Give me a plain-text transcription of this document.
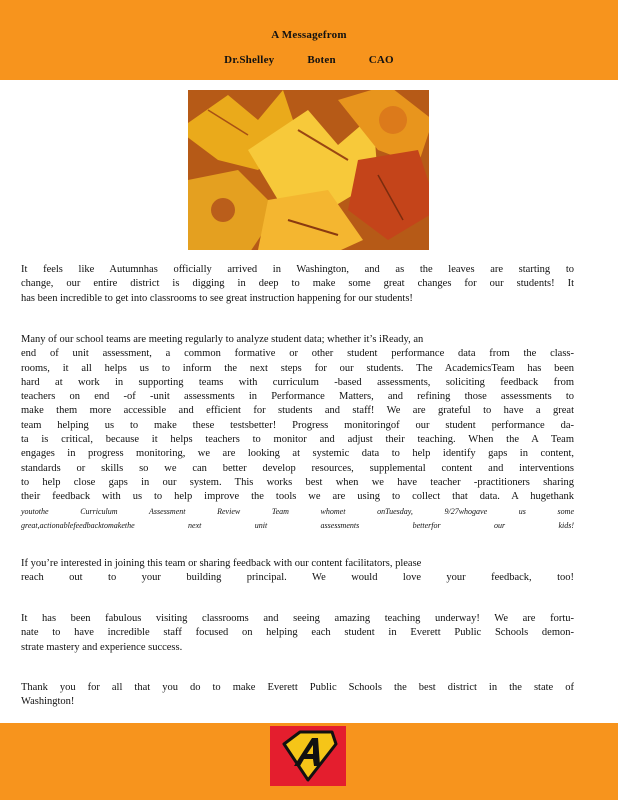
A Messagefrom
Dr.Shelley	Boten	CAO
It feels like Autumnhas officially arrived in Washington, and as the leaves are starting to
change, our entire district is digging in deep to make some great changes for our students! It
has been incredible to get into classrooms to see great instruction happening for our students!
Many of our school teams are meeting regularly to analyze student data; whether it’s iReady, an
end of unit assessment, a common formative or other student performance data from the class-
rooms, it all helps us to inform the next steps for our students. The AcademicsTeam has been
hard at work in supporting teams with curriculum -based assessments, soliciting feedback from
teachers on end -of -unit assessments in Performance Matters, and refining those assessments to
make them more accessible and efficient for students and staff! We are grateful to have a great
team helping us to make these testsbetter! Progress monitoringof our student performance da-
ta is critical, because it helps teachers to monitor and adjust their teaching. When the A Team
engages in progress monitoring, we are looking at systemic data to help identify gaps in content,
standards or skills so we can better develop resources, supplemental content and interventions
to help close gaps in our system. This works best when we have teacher -practitioners sharing
their feedback with us to help improve the tools we are using to collect that data. A hugethank
youtothe Curriculum Assessment Review Team whomet onTuesday, 9/27whogave us some
great,actionablefeedbacktomakethe next unit assessments betterfor our kids!
If you’re interested in joining this team or sharing feedback with our content facilitators, please
reach out to your building principal. We would love your feedback, too!
It has been fabulous visiting classrooms and seeing amazing teaching underway! We are fortu-
nate to have incredible staff focused on helping each student in Everett Public Schools demon-
strate mastery and experience success.
Thank you for all that you do to make Everett Public Schools the best district in the state of
Washington!
